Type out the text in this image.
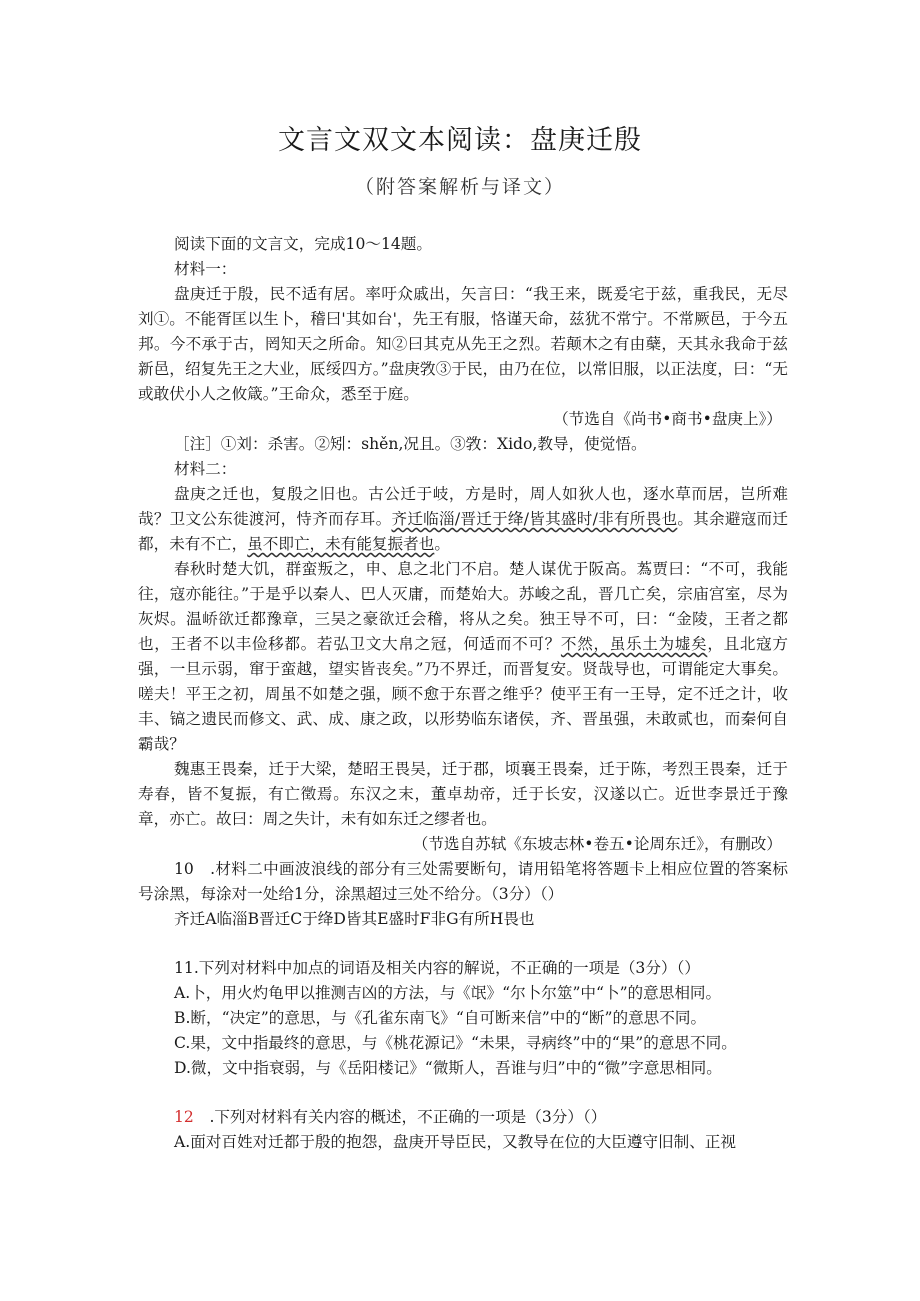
文言文双文本阅读：盘庚迁殷
（附答案解析与译文）

阅读下面的文言文，完成10～14题。

材料一：

盘庚迁于殷，民不适有居。率吁众戚出，矢言曰：“我王来，既爰宅于兹，重我民，无尽刘①。不能胥匡以生卜，稽曰'其如台'，先王有服，恪谨天命，兹犹不常宁。不常厥邑，于今五邦。今不承于古，罔知天之所命。知②曰其克从先王之烈。若颠木之有由蘖，天其永我命于兹新邑，绍复先王之大业，厎绥四方。”盘庚敩③于民，由乃在位，以常旧服，以正法度，曰：“无或敢伏小人之攸箴。”王命众，悉至于庭。

（节选自《尚书•商书•盘庚上》）

［注］①刘：杀害。②矧：shěn,况且。③敩：Xido,教导，使觉悟。

材料二：

盘庚之迁也，复殷之旧也。古公迁于岐，方是时，周人如狄人也，逐水草而居，岂所难哉？卫文公东徙渡河，恃齐而存耳。齐迁临淄/晋迁于绛/皆其盛时/非有所畏也。其余避寇而迁都，未有不亡，虽不即亡，未有能复振者也。

春秋时楚大饥，群蛮叛之，申、息之北门不启。楚人谋优于阪高。蒍贾曰：“不可，我能往，寇亦能往。”于是乎以秦人、巴人灭庸，而楚始大。苏峻之乱，晋几亡矣，宗庙宫室，尽为灰烬。温峤欲迁都豫章，三吴之豪欲迁会稽，将从之矣。独王导不可，曰：“金陵，王者之都也，王者不以丰俭移都。若弘卫文大帛之冠，何适而不可？不然，虽乐土为墟矣，且北寇方强，一旦示弱，窜于蛮越，望实皆丧矣。”乃不界迁，而晋复安。贤哉导也，可谓能定大事矣。嗟夫！平王之初，周虽不如楚之强，顾不愈于东晋之维乎？使平王有一王导，定不迁之计，收丰、镐之遗民而修文、武、成、康之政，以形势临东诸侯，齐、晋虽强，未敢贰也，而秦何自霸哉？

魏惠王畏秦，迁于大梁，楚昭王畏吴，迁于郡，顷襄王畏秦，迁于陈，考烈王畏秦，迁于寿春，皆不复振，有亡徵焉。东汉之末，董卓劫帝，迁于长安，汉遂以亡。近世李景迁于豫章，亦亡。故曰：周之失计，未有如东迁之缪者也。

（节选自苏轼《东坡志林•卷五•论周东迁》，有删改）

10　.材料二中画波浪线的部分有三处需要断句，请用铅笔将答题卡上相应位置的答案标号涂黑，每涂对一处给1分，涂黑超过三处不给分。（3分）（）

齐迁A临淄B晋迁C于绛D皆其E盛时F非G有所H畏也

11.下列对材料中加点的词语及相关内容的解说，不正确的一项是（3分）（）

A.卜，用火灼龟甲以推测吉凶的方法，与《氓》“尔卜尔筮”中“卜”的意思相同。

B.断，“决定”的意思，与《孔雀东南飞》“自可断来信”中的“断”的意思不同。

C.果，文中指最终的意思，与《桃花源记》“未果，寻病终”中的“果”的意思不同。

D.微，文中指衰弱，与《岳阳楼记》“微斯人，吾谁与归”中的“微”字意思相同。

12　.下列对材料有关内容的概述，不正确的一项是（3分）（）

A.面对百姓对迁都于殷的抱怨，盘庚开导臣民，又教导在位的大臣遵守旧制、正视
